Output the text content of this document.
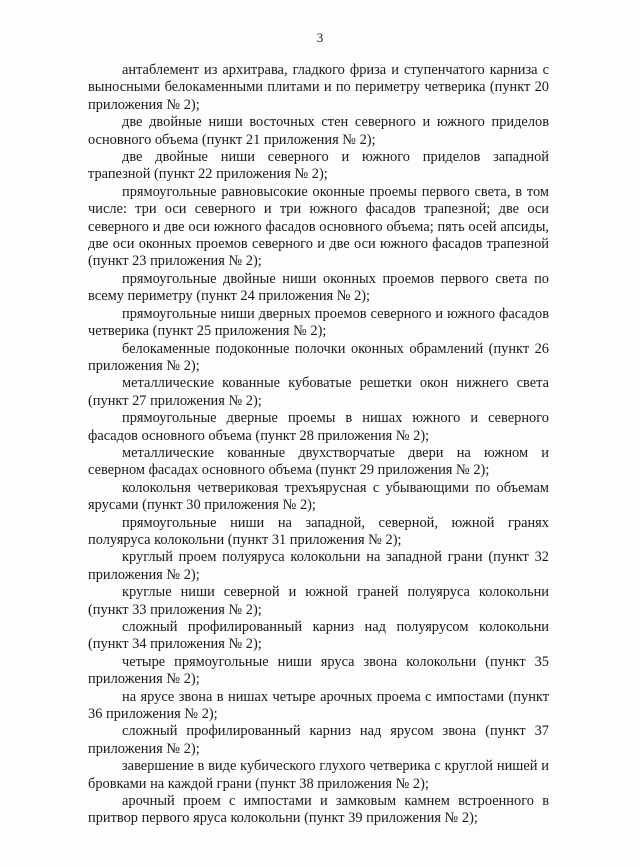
3

антаблемент из архитрава, гладкого фриза и ступенчатого карниза с выносными белокаменными плитами и по периметру четверика (пункт 20 приложения № 2);

две двойные ниши восточных стен северного и южного приделов основного объема (пункт 21 приложения № 2);

две двойные ниши северного и южного приделов западной трапезной (пункт 22 приложения № 2);

прямоугольные равновысокие оконные проемы первого света, в том числе: три оси северного и три южного фасадов трапезной; две оси северного и две оси южного фасадов основного объема; пять осей апсиды, две оси оконных проемов северного и две оси южного фасадов трапезной (пункт 23 приложения № 2);

прямоугольные двойные ниши оконных проемов первого света по всему периметру (пункт 24 приложения № 2);

прямоугольные ниши дверных проемов северного и южного фасадов четверика (пункт 25 приложения № 2);

белокаменные подоконные полочки оконных обрамлений (пункт 26 приложения № 2);

металлические кованные кубоватые решетки окон нижнего света (пункт 27 приложения № 2);

прямоугольные дверные проемы в нишах южного и северного фасадов основного объема (пункт 28 приложения № 2);

металлические кованные двухстворчатые двери на южном и северном фасадах основного объема (пункт 29 приложения № 2);

колокольня четвериковая трехъярусная с убывающими по объемам ярусами (пункт 30 приложения № 2);

прямоугольные ниши на западной, северной, южной гранях полуяруса колокольни (пункт 31 приложения № 2);

круглый проем полуяруса колокольни на западной грани (пункт 32 приложения № 2);

круглые ниши северной и южной граней полуяруса колокольни (пункт 33 приложения № 2);

сложный профилированный карниз над полуярусом колокольни (пункт 34 приложения № 2);

четыре прямоугольные ниши яруса звона колокольни (пункт 35 приложения № 2);

на ярусе звона в нишах четыре арочных проема с импостами (пункт 36 приложения № 2);

сложный профилированный карниз над ярусом звона (пункт 37 приложения № 2);

завершение в виде кубического глухого четверика с круглой нишей и бровками на каждой грани (пункт 38 приложения № 2);

арочный проем с импостами и замковым камнем встроенного в притвор первого яруса колокольни (пункт 39 приложения № 2);
